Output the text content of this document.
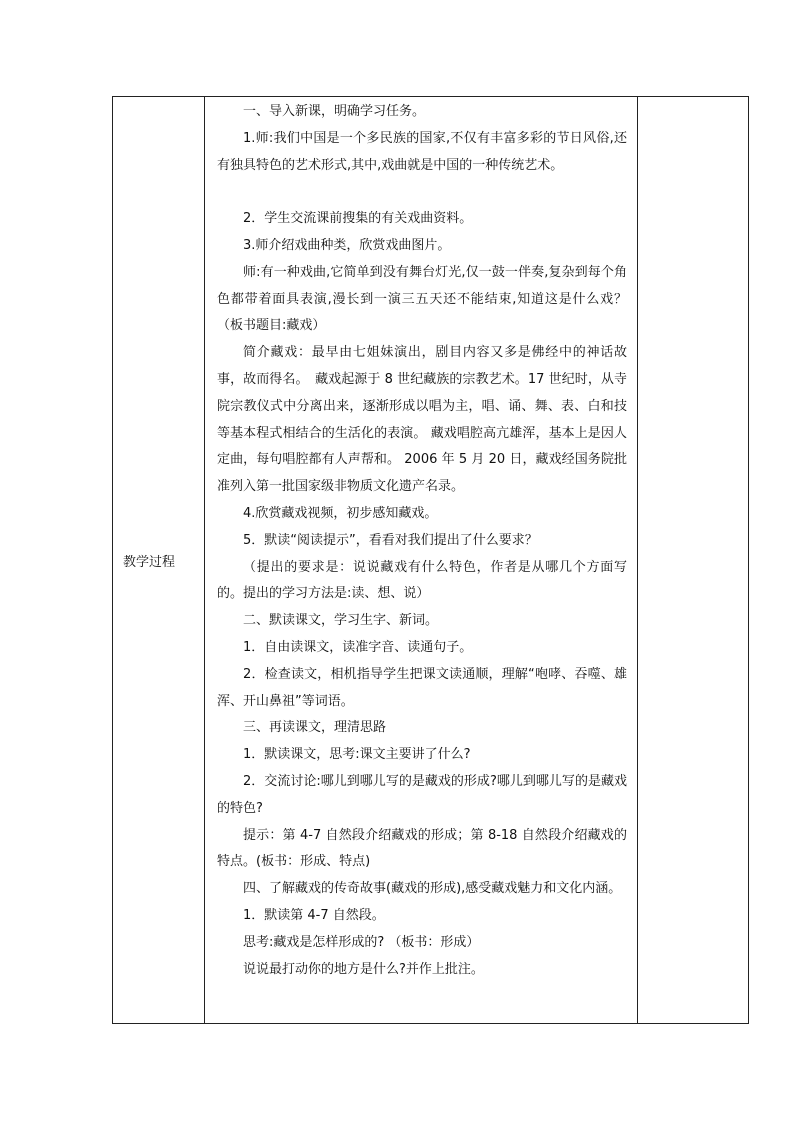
教学过程

一、导入新课，明确学习任务。

1.师:我们中国是一个多民族的国家,不仅有丰富多彩的节日风俗,还有独具特色的艺术形式,其中,戏曲就是中国的一种传统艺术。

2．学生交流课前搜集的有关戏曲资料。

3.师介绍戏曲种类，欣赏戏曲图片。

师:有一种戏曲,它简单到没有舞台灯光,仅一鼓一伴奏,复杂到每个角色都带着面具表演,漫长到一演三五天还不能结束,知道这是什么戏？　（板书题目:藏戏）

简介藏戏：最早由七姐妹演出，剧目内容又多是佛经中的神话故事，故而得名。　藏戏起源于 8 世纪藏族的宗教艺术。17 世纪时，从寺院宗教仪式中分离出来，逐渐形成以唱为主，唱、诵、舞、表、白和技等基本程式相结合的生活化的表演。 藏戏唱腔高亢雄浑，基本上是因人定曲，每句唱腔都有人声帮和。 2006 年 5 月 20 日，藏戏经国务院批准列入第一批国家级非物质文化遗产名录。

4.欣赏藏戏视频，初步感知藏戏。

5．默读“阅读提示”，看看对我们提出了什么要求？

（提出的要求是：说说藏戏有什么特色，作者是从哪几个方面写的。提出的学习方法是:读、想、说）

二、默读课文，学习生字、新词。

1．自由读课文，读准字音、读通句子。

2．检查读文，相机指导学生把课文读通顺，理解“咆哮、吞噬、雄浑、开山鼻祖”等词语。

三、再读课文，理清思路

1．默读课文，思考:课文主要讲了什么?

2．交流讨论:哪儿到哪儿写的是藏戏的形成?哪儿到哪儿写的是藏戏的特色?

提示：第 4-7 自然段介绍藏戏的形成；第 8-18 自然段介绍藏戏的特点。(板书：形成、特点)

四、了解藏戏的传奇故事(藏戏的形成),感受藏戏魅力和文化内涵。

1．默读第 4-7 自然段。

思考:藏戏是怎样形成的? （板书：形成）

说说最打动你的地方是什么?并作上批注。
